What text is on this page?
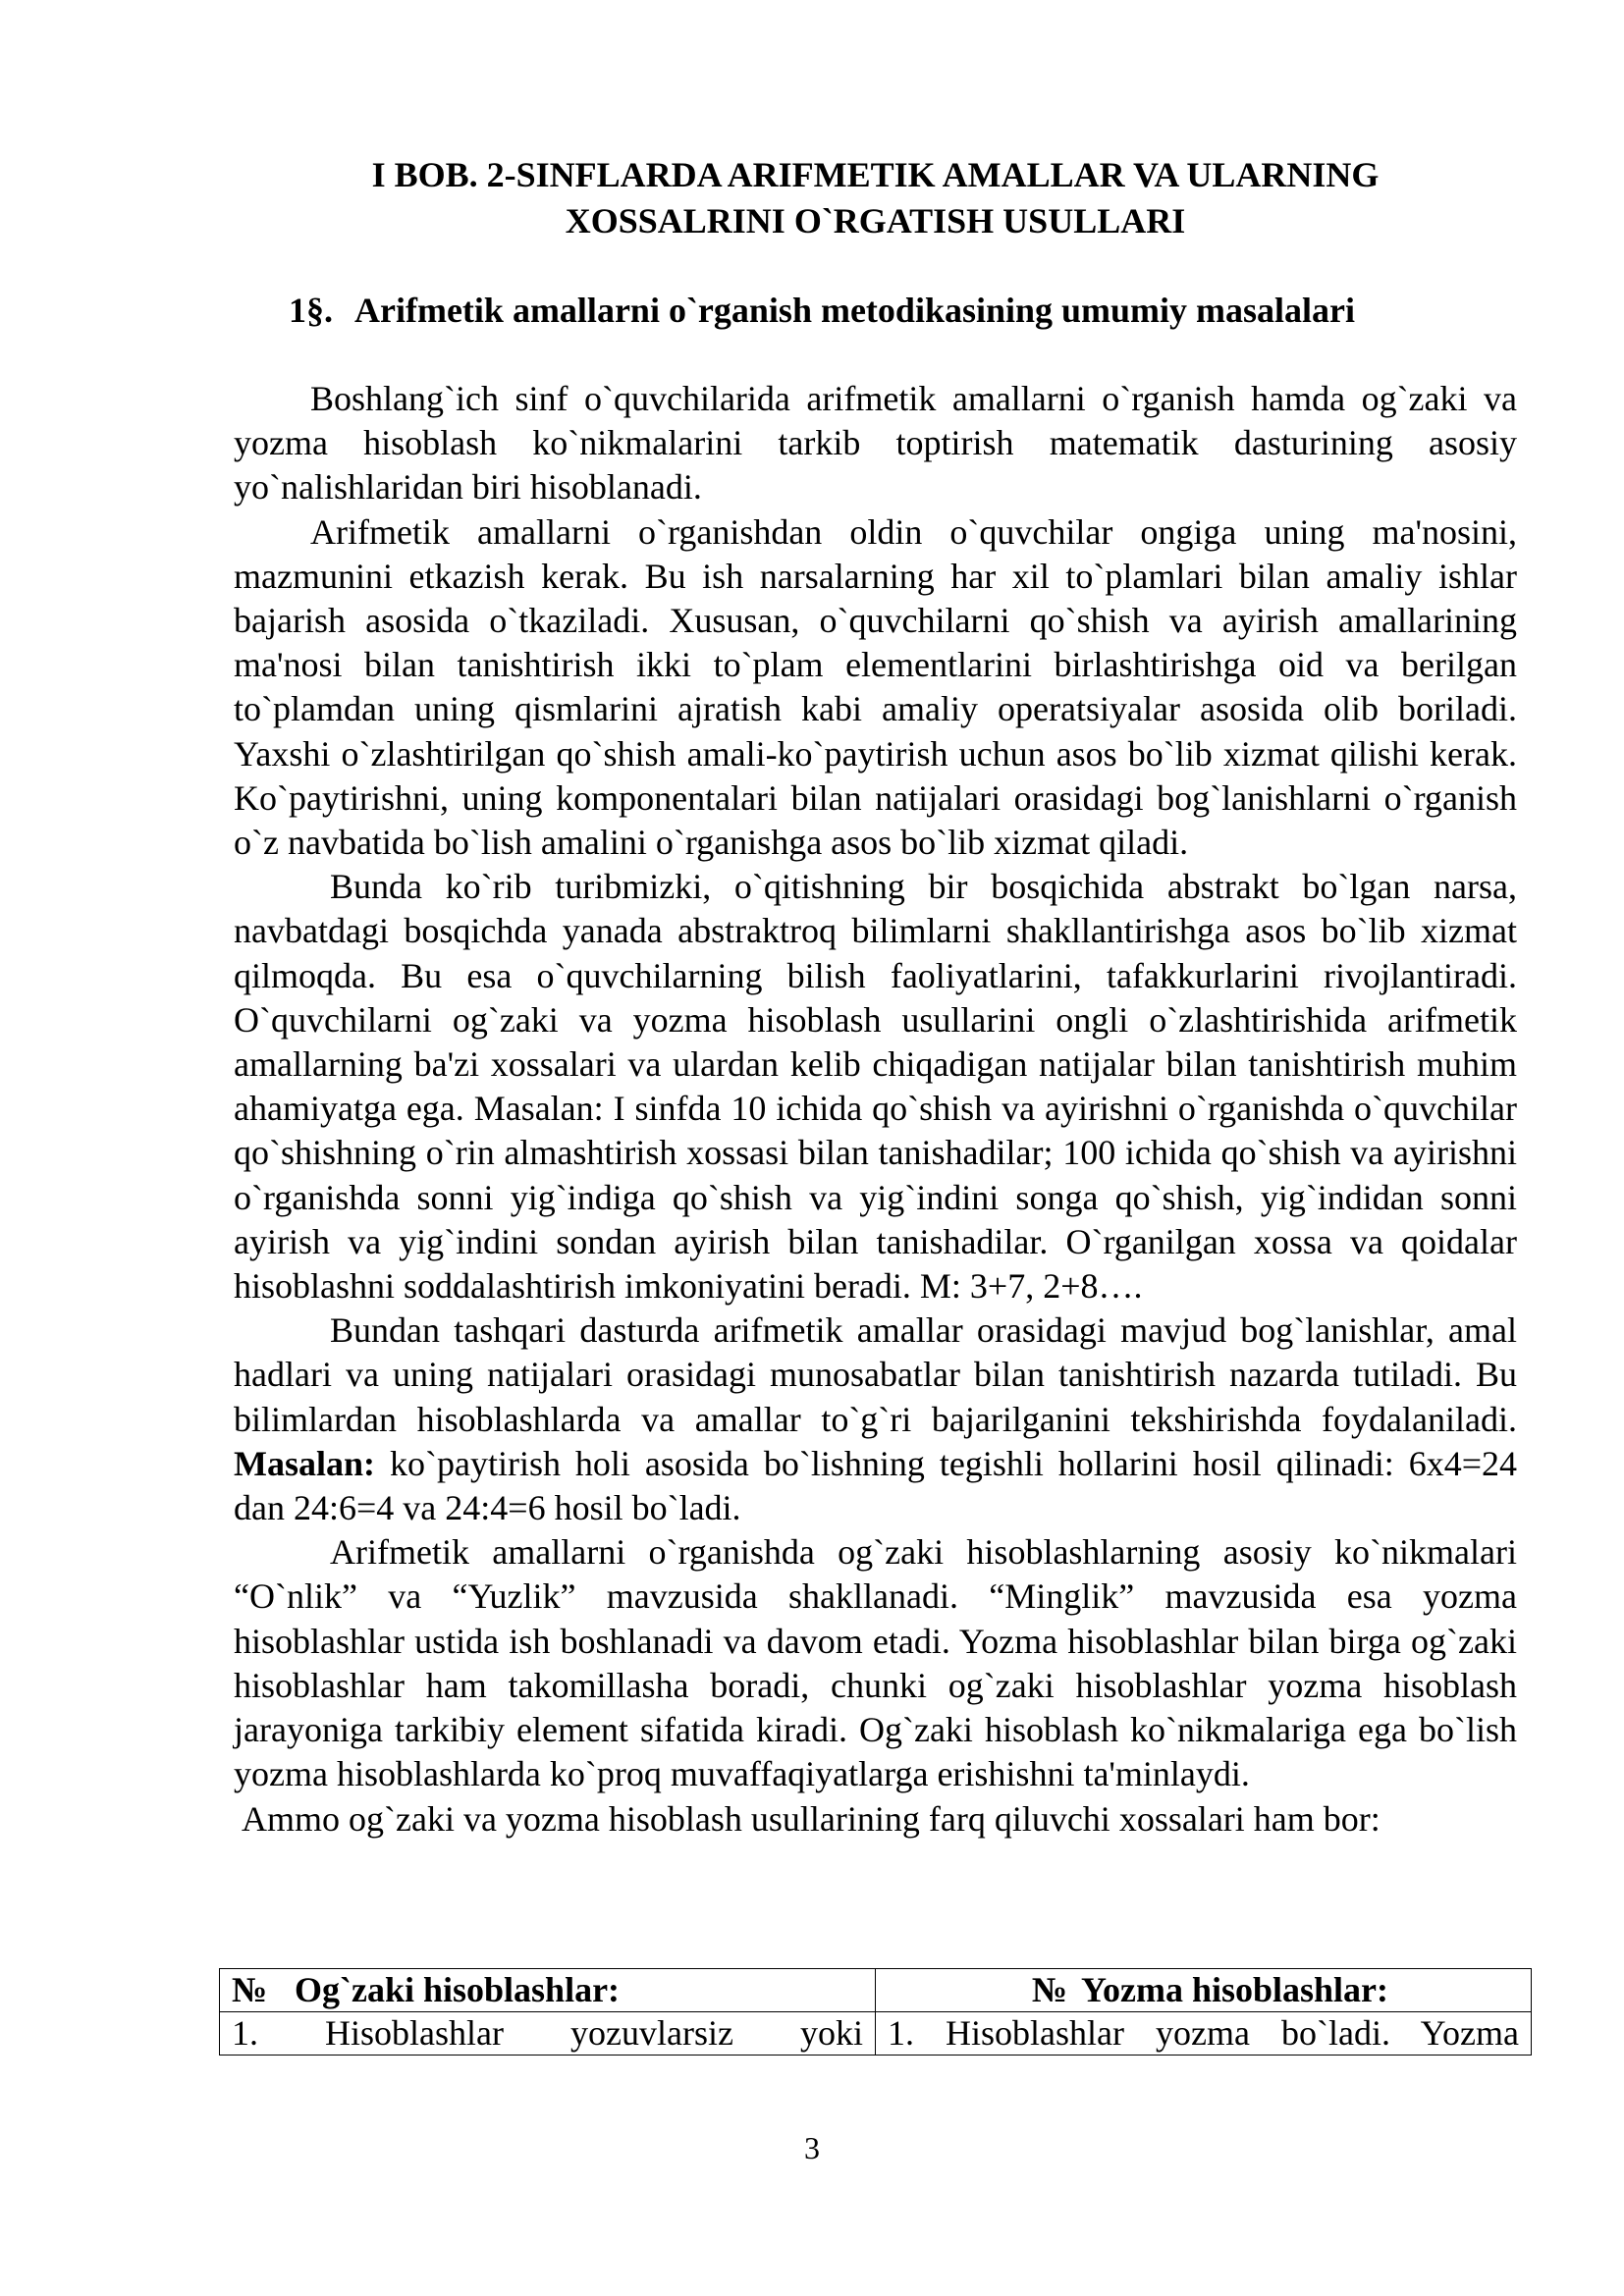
I BOB. 2-SINFLARDA ARIFMETIK AMALLAR VA ULARNING
XOSSALRINI O`RGATISH USULLARI
1§. Arifmetik amallarni o`rganish metodikasining umumiy masalalari

Boshlang`ich sinf o`quvchilarida arifmetik amallarni o`rganish hamda og`zaki va yozma hisoblash ko`nikmalarini tarkib toptirish matematik dasturining asosiy yo`nalishlaridan biri hisoblanadi.

Arifmetik amallarni o`rganishdan oldin o`quvchilar ongiga uning ma'nosini, mazmunini etkazish kerak. Bu ish narsalarning har xil to`plamlari bilan amaliy ishlar bajarish asosida o`tkaziladi. Xususan, o`quvchilarni qo`shish va ayirish amallarining ma'nosi bilan tanishtirish ikki to`plam elementlarini birlashtirishga oid va berilgan to`plamdan uning qismlarini ajratish kabi amaliy operatsiyalar asosida olib boriladi. Yaxshi o`zlashtirilgan qo`shish amali-ko`paytirish uchun asos bo`lib xizmat qilishi kerak. Ko`paytirishni, uning komponentalari bilan natijalari orasidagi bog`lanishlarni o`rganish o`z navbatida bo`lish amalini o`rganishga asos bo`lib xizmat qiladi.

Bunda ko`rib turibmizki, o`qitishning bir bosqichida abstrakt bo`lgan narsa, navbatdagi bosqichda yanada abstraktroq bilimlarni shakllantirishga asos bo`lib xizmat qilmoqda. Bu esa o`quvchilarning bilish faoliyatlarini, tafakkurlarini rivojlantiradi. O`quvchilarni og`zaki va yozma hisoblash usullarini ongli o`zlashtirishida arifmetik amallarning ba'zi xossalari va ulardan kelib chiqadigan natijalar bilan tanishtirish muhim ahamiyatga ega. Masalan: I sinfda 10 ichida qo`shish va ayirishni o`rganishda o`quvchilar qo`shishning o`rin almashtirish xossasi bilan tanishadilar; 100 ichida qo`shish va ayirishni o`rganishda sonni yig`indiga qo`shish va yig`indini songa qo`shish, yig`indidan sonni ayirish va yig`indini sondan ayirish bilan tanishadilar. O`rganilgan xossa va qoidalar hisoblashni soddalashtirish imkoniyatini beradi. M: 3+7, 2+8….

Bundan tashqari dasturda arifmetik amallar orasidagi mavjud bog`lanishlar, amal hadlari va uning natijalari orasidagi munosabatlar bilan tanishtirish nazarda tutiladi. Bu bilimlardan hisoblashlarda va amallar to`g`ri bajarilganini tekshirishda foydalaniladi. Masalan: ko`paytirish holi asosida bo`lishning tegishli hollarini hosil qilinadi: 6x4=24 dan 24:6=4 va 24:4=6 hosil bo`ladi.

Arifmetik amallarni o`rganishda og`zaki hisoblashlarning asosiy ko`nikmalari “O`nlik” va “Yuzlik” mavzusida shakllanadi. “Minglik” mavzusida esa yozma hisoblashlar ustida ish boshlanadi va davom etadi. Yozma hisoblashlar bilan birga og`zaki hisoblashlar ham takomillasha boradi, chunki og`zaki hisoblashlar yozma hisoblash jarayoniga tarkibiy element sifatida kiradi. Og`zaki hisoblash ko`nikmalariga ega bo`lish yozma hisoblashlarda ko`proq muvaffaqiyatlarga erishishni ta'minlaydi.

Ammo og`zaki va yozma hisoblash usullarining farq qiluvchi xossalari ham bor:

№ Og`zaki hisoblashlar:	№ Yozma hisoblashlar:
1. Hisoblashlar yozuvlarsiz yoki	1. Hisoblashlar yozma bo`ladi. Yozma
3
